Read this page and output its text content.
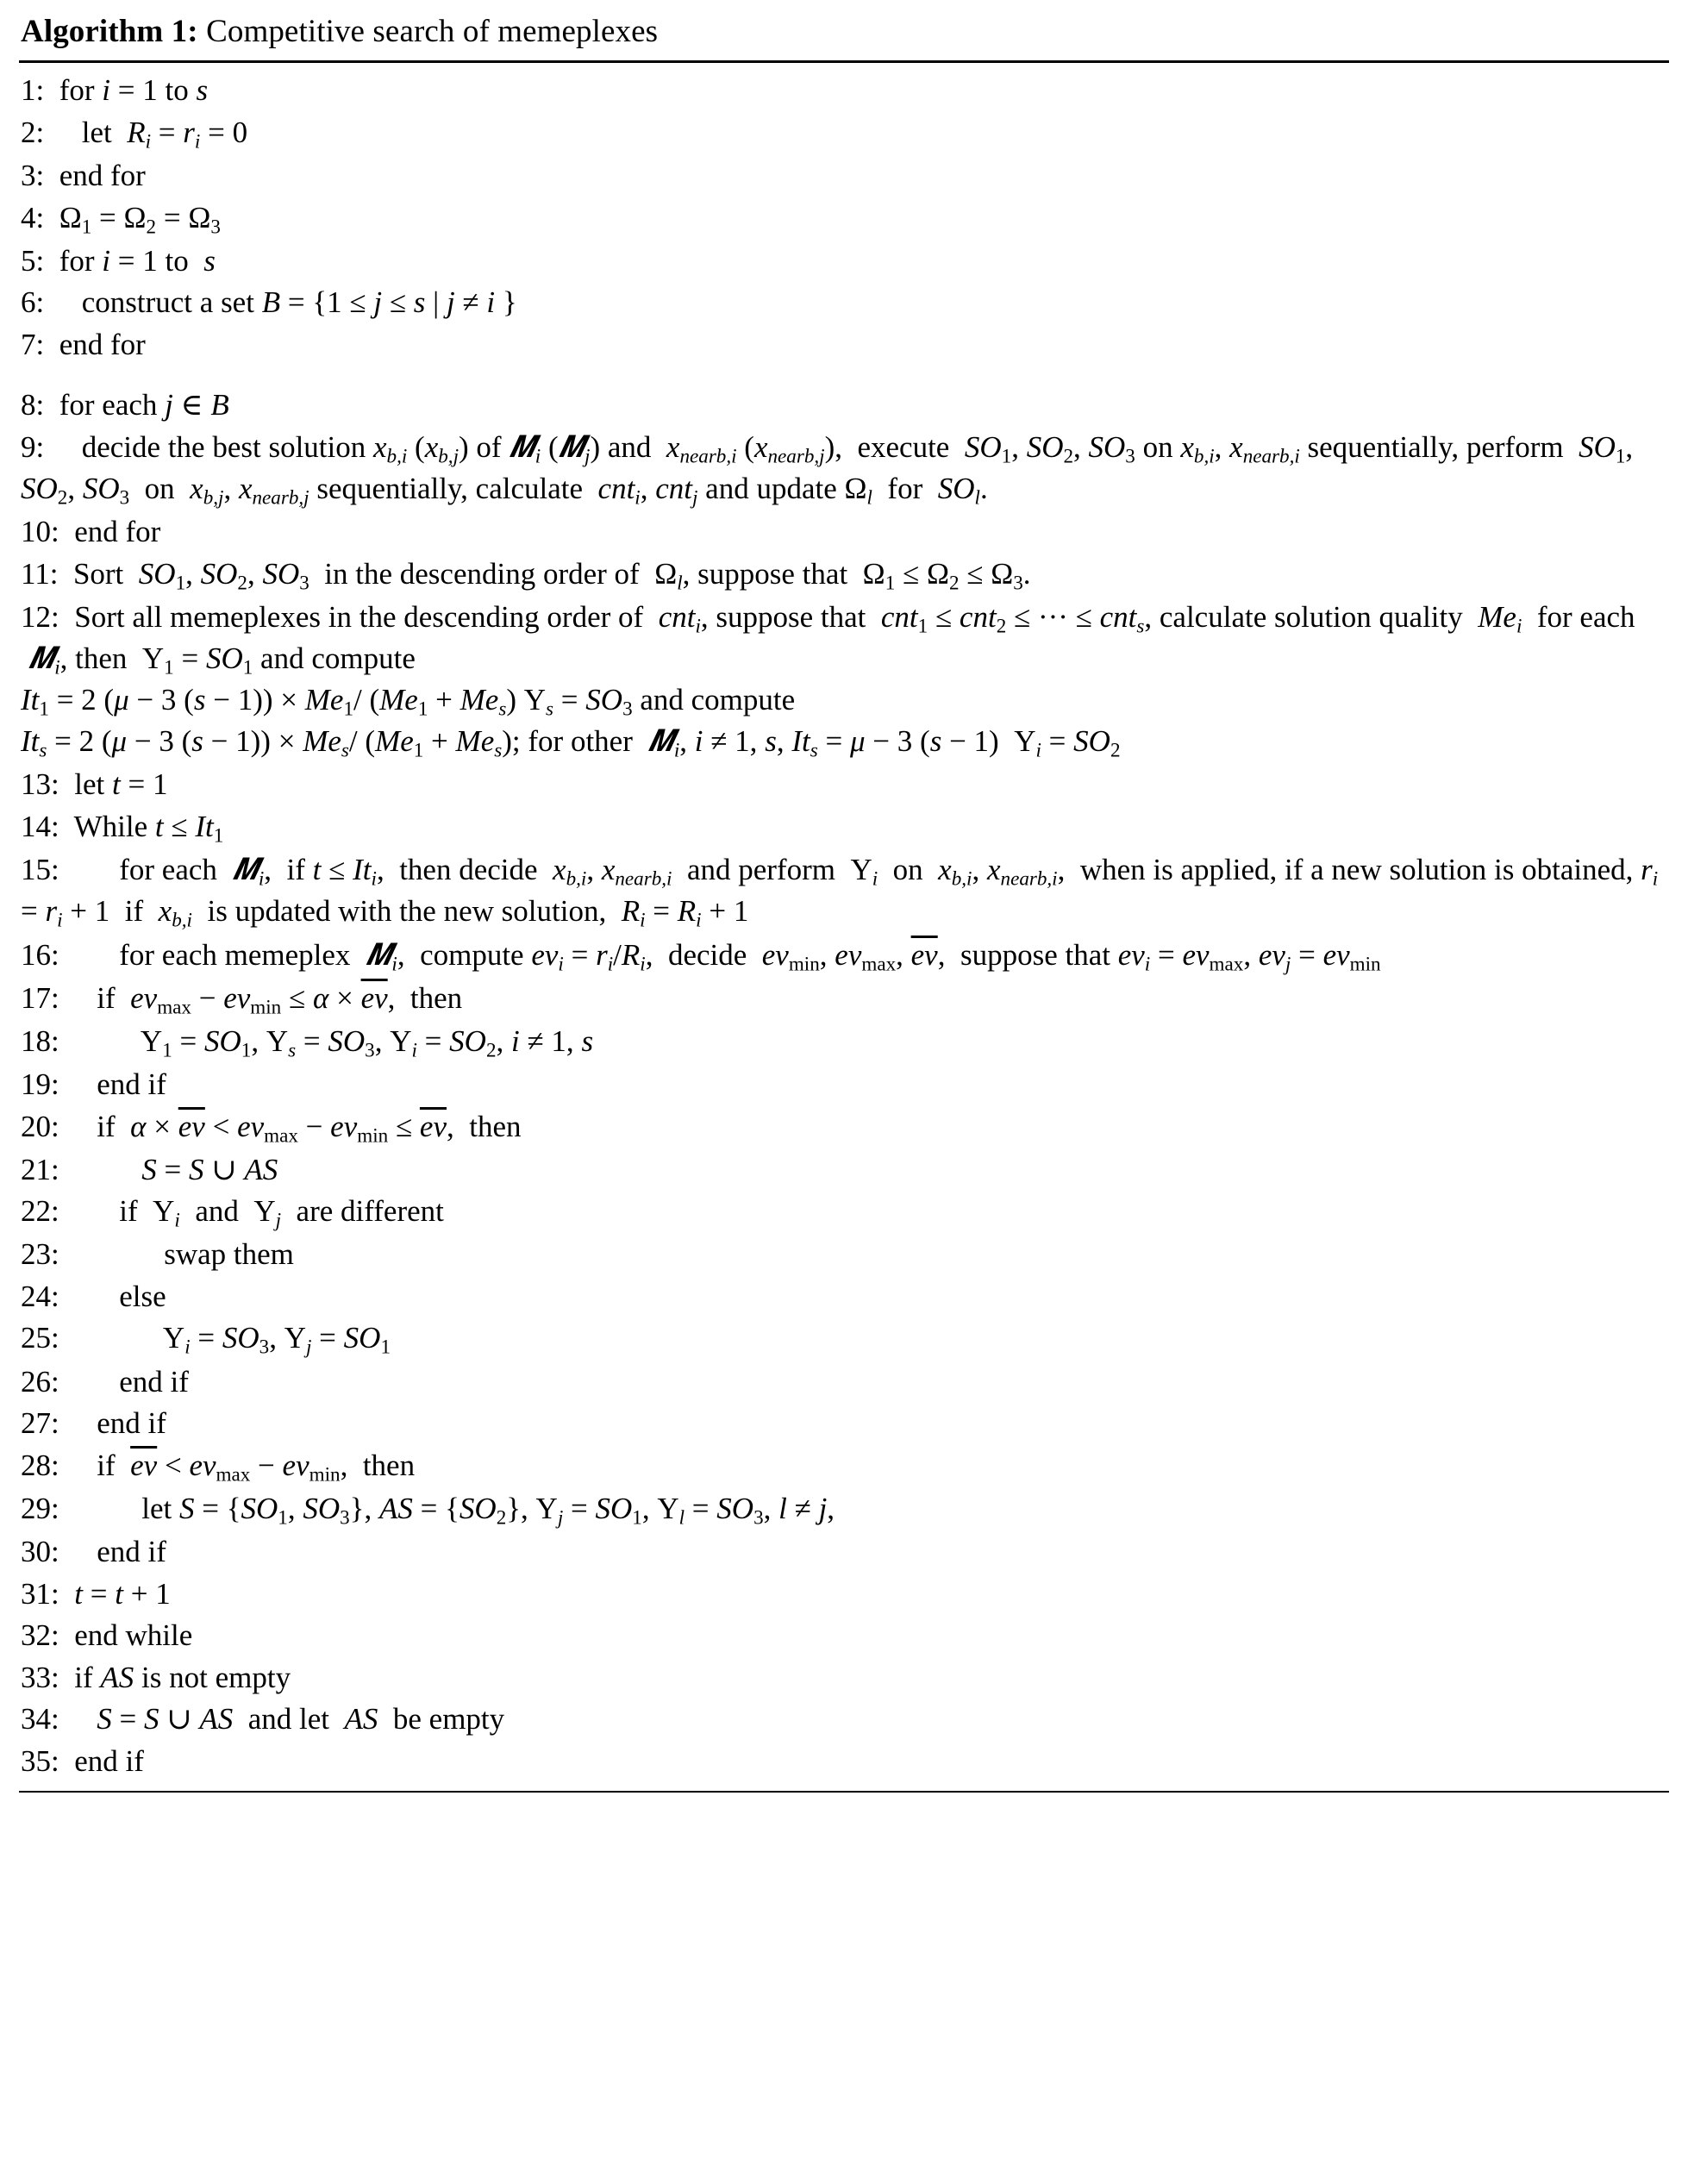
Algorithm 1: Competitive search of memeplexes
1:  for i = 1 to s
2:  let  $R_i = r_i = 0$
3:  end for
4:  $\Omega_1 = \Omega_2 = \Omega_3$
5:  for i = 1 to  s
6:  construct a set B = {1 ≤ j ≤ s | j ≠ i }
7:  end for
8:  for each j ∈ B
9:  decide the best solution $x_{b,i}$ $(x_{b,j})$ of 𝑴$_i$ (𝑴$_j$) and  $x_{nearb,i}$ $(x_{nearb,j})$,  execute  $SO_1$, $SO_2$, $SO_3$ on $x_{b,i}$, $x_{nearb,i}$ sequentially, perform  $SO_1$, $SO_2$, $SO_3$  on  $x_{b,j}$, $x_{nearb,j}$ sequentially, calculate  cnt$_i$, cnt$_j$ and update $\Omega_l$  for  $SO_l$.
10:  end for
11:  Sort  $SO_1$, $SO_2$, $SO_3$  in the descending order of  $\Omega_l$, suppose that  $\Omega_1 \le \Omega_2 \le \Omega_3$.
12:  Sort all memeplexes in the descending order of  cnt$_i$, suppose that  cnt$_1$ ≤ cnt$_2$ ≤ ··· ≤ cnt$_s$, calculate solution quality  $Me_i$  for each  𝑴$_i$, then  $\Upsilon_1 = SO_1$ and compute
$It_1 = 2$ (μ − 3 $(s - 1)) \times Me_1/$ $(Me_1 + Me_s) \Upsilon_s = SO_3$ and compute
$It_s = 2$ (μ − 3 $(s - 1)) \times Me_s/$ $(Me_1 + Me_s)$; for other  𝑴$_i$, i ≠ 1, s, $It_s = \mu - 3$ (s − 1)  $\Upsilon_i = SO_2$
13:  let t = 1
14:  While $t \le It_1$
15:  for each  𝑴$_i$,  if $t \le It_i$,  then decide  $x_{b,i}$, $x_{nearb,i}$  and perform  $\Upsilon_i$  on  $x_{b,i}$, $x_{nearb,i}$,  when is applied, if a new solution is obtained, $r_i = r_i + 1$  if  $x_{b,i}$  is updated with the new solution,  $R_i = R_i + 1$
16:  for each memeplex  𝑴$_i$,  compute $ev_i = r_i/R_i$,  decide  $ev_{min}$, $ev_{max}$, $\overline{ev}$,  suppose that $ev_i = ev_{max}$, $ev_j = ev_{min}$
17:  if  $ev_{max} - ev_{min} \le \alpha \times \overline{ev}$,  then
18:  $\Upsilon_1 = SO_1$, $\Upsilon_s = SO_3$, $\Upsilon_i = SO_2$, i ≠ 1, s
19:  end if
20:  if  $\alpha \times \overline{ev} < ev_{max} - ev_{min} \le \overline{ev}$,  then
21:	S = S ∪ AS
22:  if  $\Upsilon_i$  and  $\Upsilon_j$  are different
23:	swap them
24:  else
25:	$\Upsilon_i = SO_3$, $\Upsilon_j = SO_1$
26:  end if
27:  end if
28:  if  $\overline{ev} < ev_{max} - ev_{min}$,  then
29:  let $S = \{SO_1$, $SO_3$}, AS = $\{SO_2\}$, $\Upsilon_j = SO_1$, $\Upsilon_l = SO_3$, l ≠ j,
30:  end if
31: t = t + 1
32:  end while
33:  if AS is not empty
34: S = S ∪ AS  and let  AS  be empty
35:  end if
